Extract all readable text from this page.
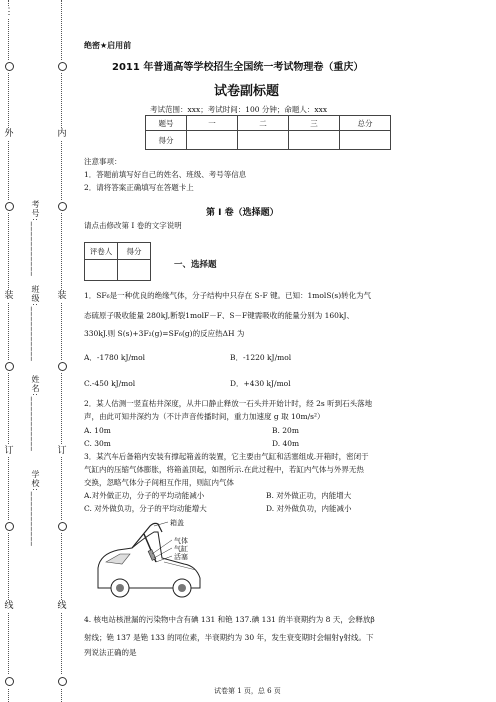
⋮
外
装
订
线
学校:___________
姓名:___________
班级:___________
考号:___________
内
装
订
线
绝密★启用前
2011 年普通高等学校招生全国统一考试物理卷（重庆）
试卷副标题
考试范围：xxx；考试时间：100 分钟；命题人：xxx
题号	一	二	三	总分
得分				
注意事项：
1．答题前填写好自己的姓名、班级、考号等信息
2．请将答案正确填写在答题卡上
第 I 卷（选择题）
请点击修改第 I 卷的文字说明
评卷人	得分

一、选择题
1．SF₆是一种优良的绝缘气体，分子结构中只存在 S-F 键。已知：1molS(s)转化为气
态硫原子吸收能量 280kJ,断裂1molF－F、S－F键需吸收的能量分别为 160kJ、
330kJ.则 S(s)+3F₂(g)=SF₆(g)的反应热ΔH 为
A．-1780 kJ/mol	B．-1220 kJ/mol
C.-450 kJ/mol	D．+430 kJ/mol
2．某人估测一竖直枯井深度，从井口静止释放一石头并开始计时，经 2s 听到石头落地
声，由此可知井深约为（不计声音传播时间，重力加速度 g 取 10m/s²）
A. 10m	B. 20m
C. 30m	D. 40m
3．某汽车后备箱内安装有撑起箱盖的装置，它主要由气缸和活塞组成.开箱时，密闭于
气缸内的压缩气体膨胀，将箱盖顶起，如图所示.在此过程中，若缸内气体与外界无热
交换，忽略气体分子间相互作用，则缸内气体
A.对外做正功，分子的平均动能减小	B. 对外做正功，内能增大
C. 对外做负功，分子的平均动能增大	D. 对外做负功，内能减小
箱盖
气体
气缸
活塞
4. 核电站核泄漏的污染物中含有碘 131 和铯 137.碘 131 的半衰期约为 8 天，会释放β
射线；铯 137 是铯 133 的同位素，半衰期约为 30 年，发生衰变期时会辐射γ射线。下
列说法正确的是
试卷第 1 页，总 6 页
